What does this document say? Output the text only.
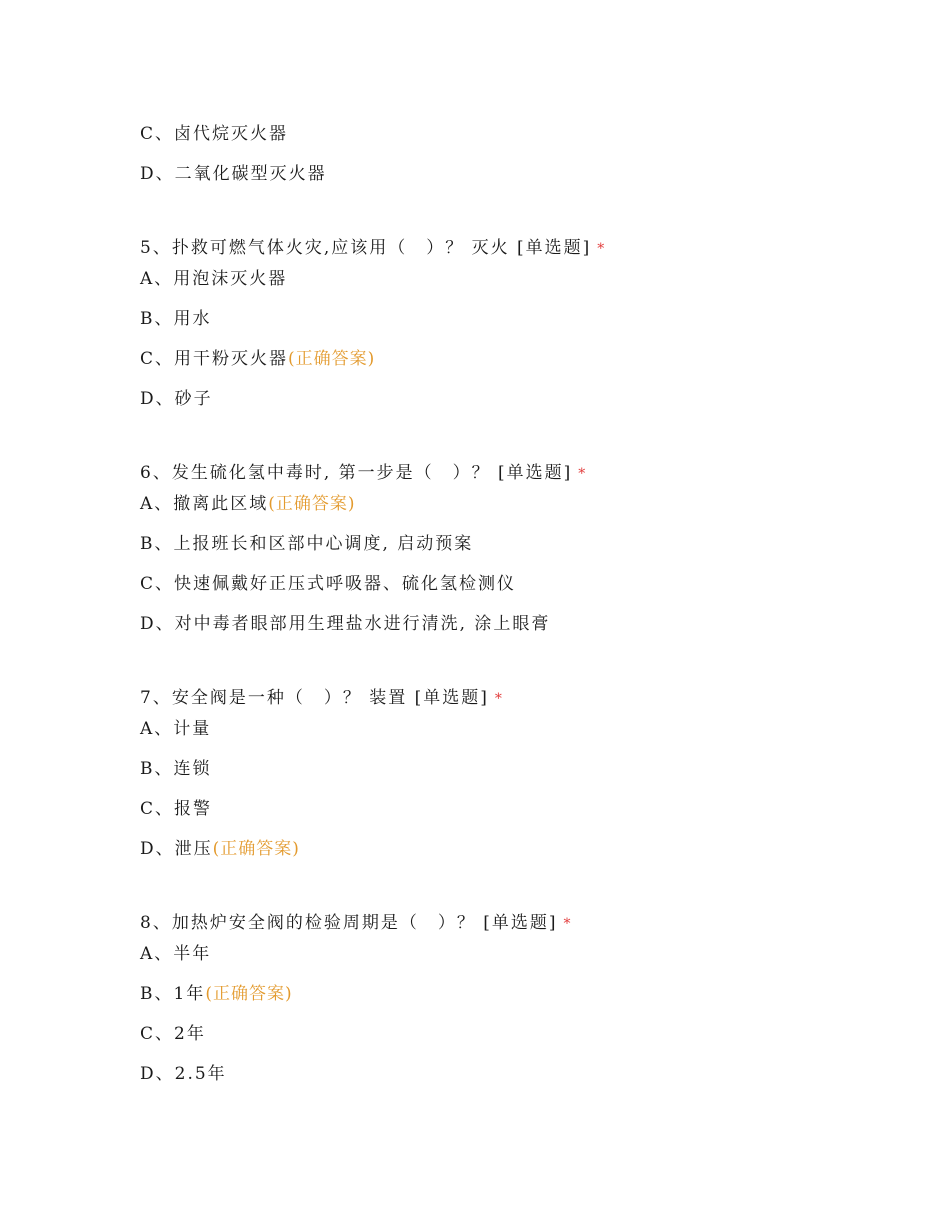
C、卤代烷灭火器
D、二氧化碳型灭火器
5、扑救可燃气体火灾,应该用（　）？ 灭火 [单选题] *
A、用泡沫灭火器
B、用水
C、用干粉灭火器(正确答案)
D、砂子
6、发生硫化氢中毒时, 第一步是（　）？ [单选题] *
A、撤离此区域(正确答案)
B、上报班长和区部中心调度, 启动预案
C、快速佩戴好正压式呼吸器、硫化氢检测仪
D、对中毒者眼部用生理盐水进行清洗, 涂上眼膏
7、安全阀是一种（　）？ 装置 [单选题] *
A、计量
B、连锁
C、报警
D、泄压(正确答案)
8、加热炉安全阀的检验周期是（　）？ [单选题] *
A、半年
B、1年(正确答案)
C、2年
D、2.5年
